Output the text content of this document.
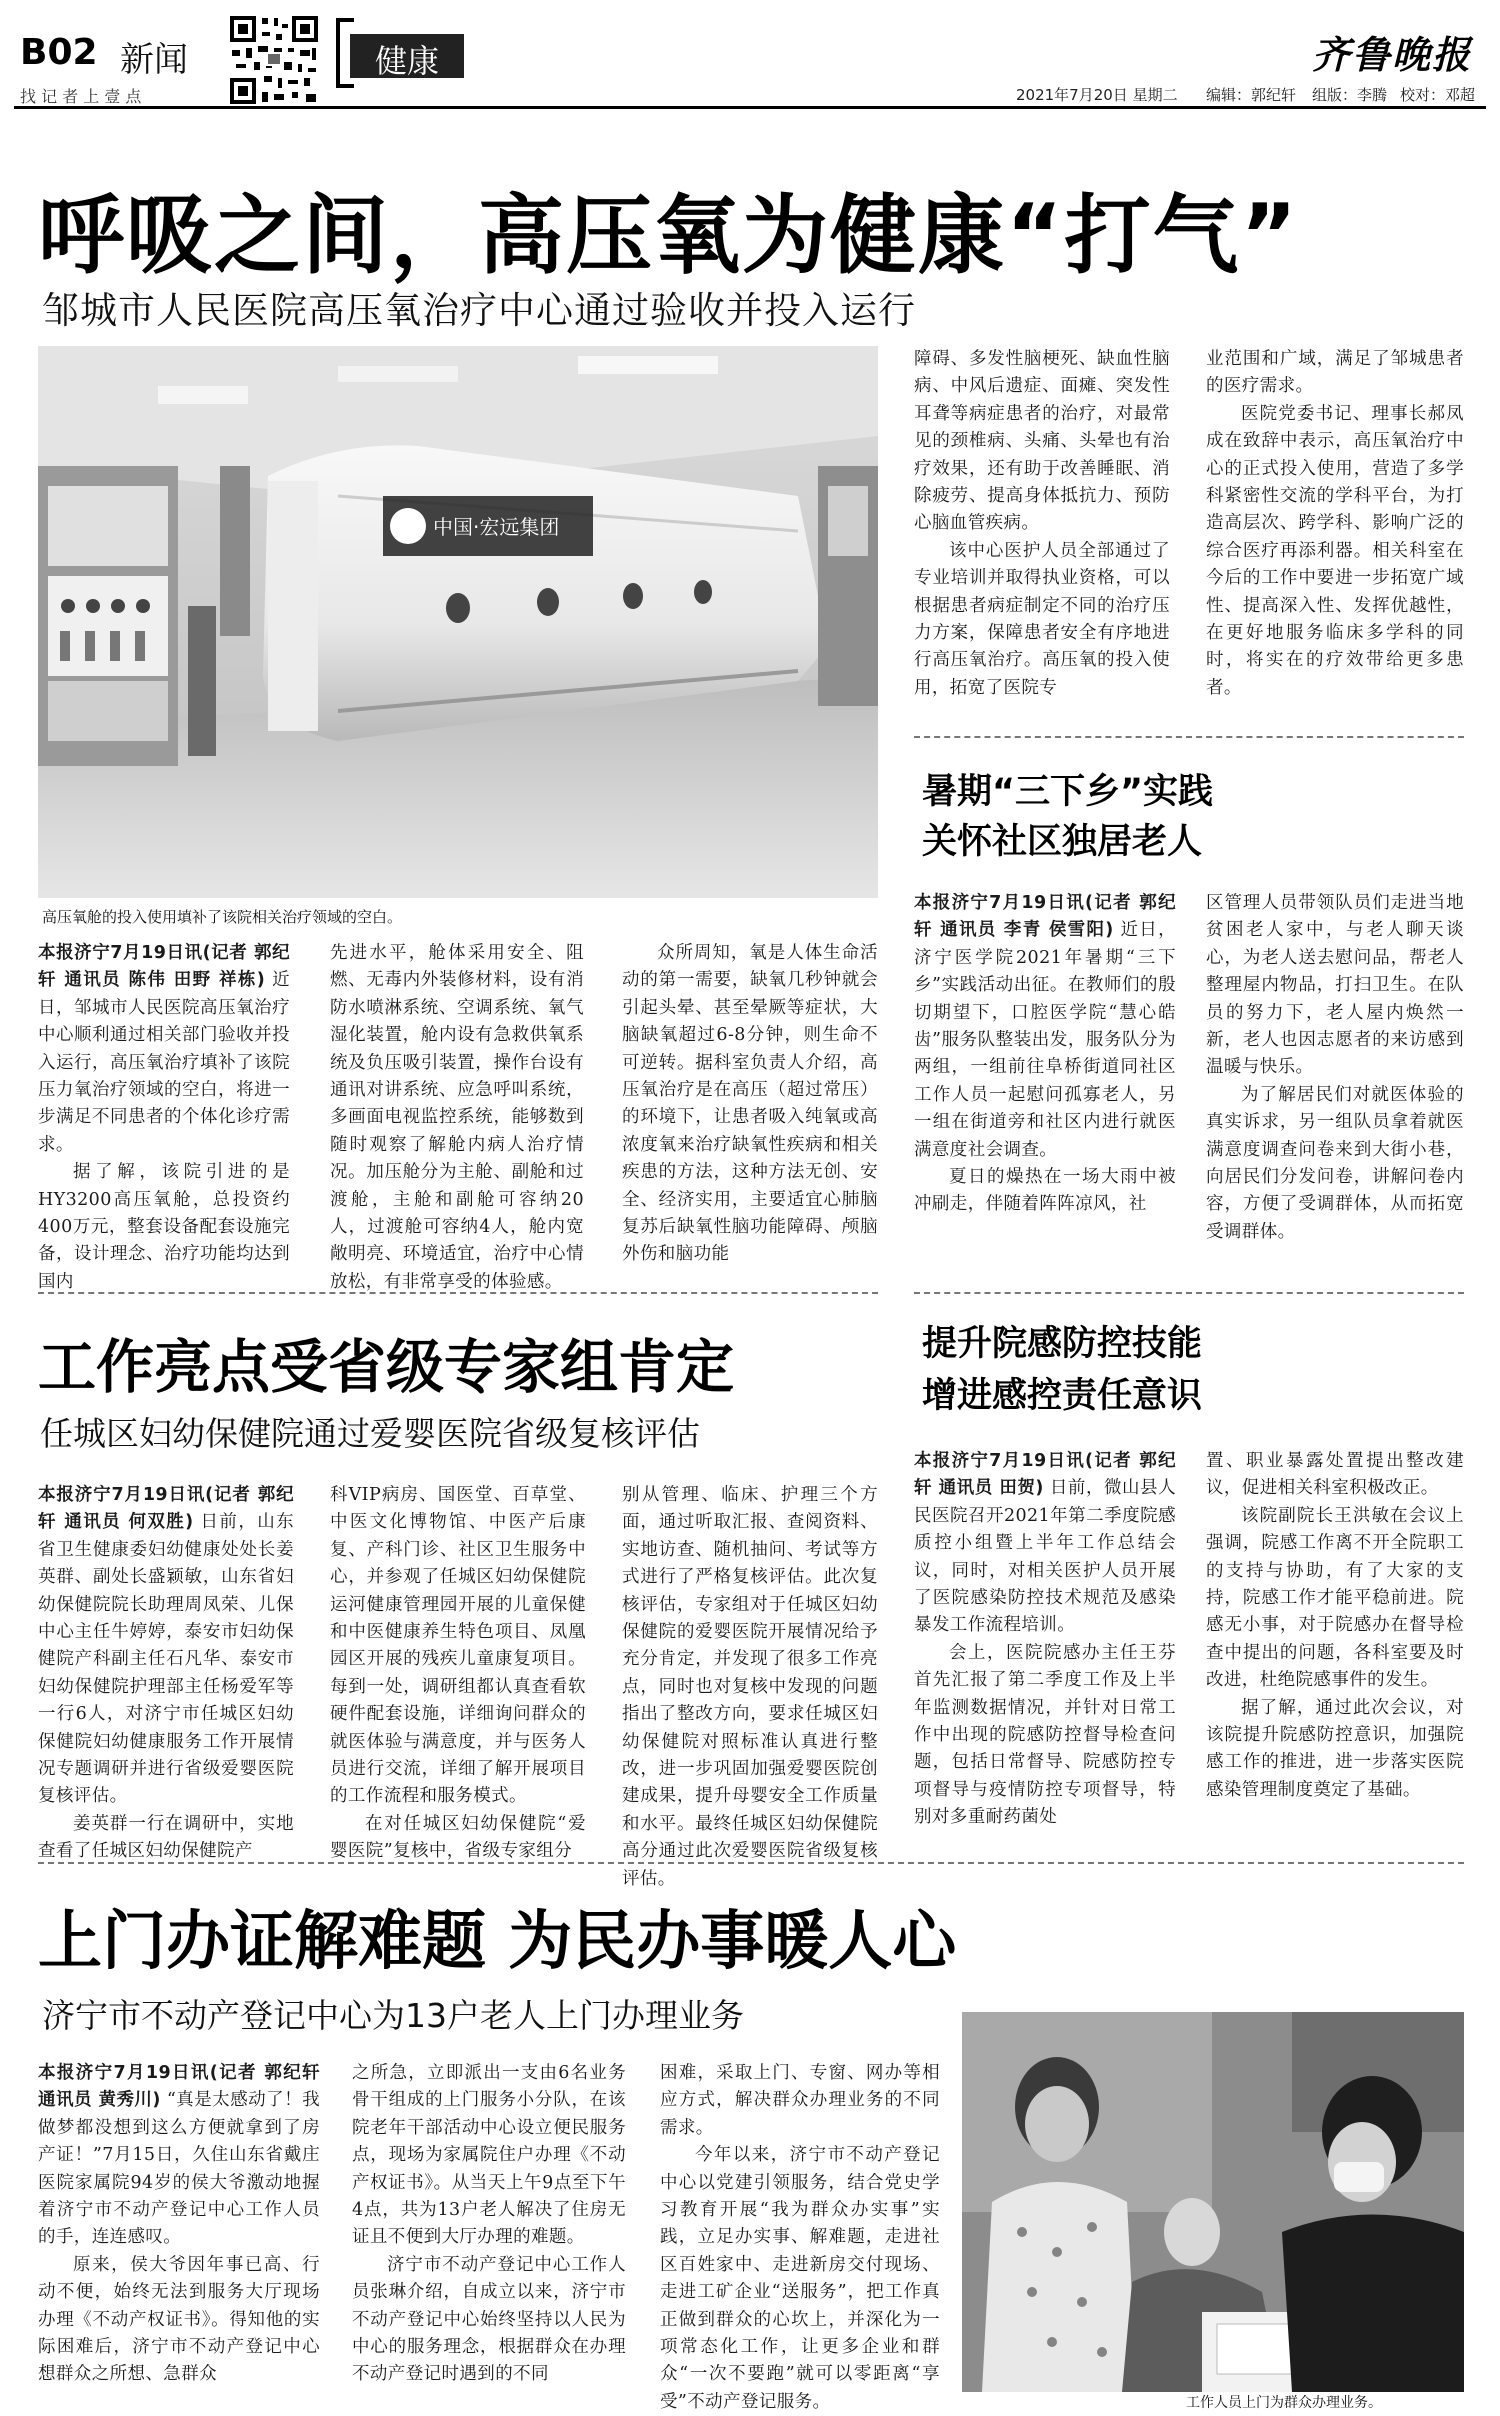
B02 新闻
找 记 者 上 壹 点
健康	齐鲁晚报
2021年7月20日 星期二 编辑：郭纪轩 组版：李腾 校对：邓超
呼吸之间，高压氧为健康“打气”
邹城市人民医院高压氧治疗中心通过验收并投入运行
中国·宏远集团
高压氧舱的投入使用填补了该院相关治疗领域的空白。

本报济宁7月19日讯(记者 郭纪轩 通讯员 陈伟 田野 祥栋) 近日，邹城市人民医院高压氧治疗中心顺利通过相关部门验收并投入运行，高压氧治疗填补了该院压力氧治疗领域的空白，将进一步满足不同患者的个体化诊疗需求。

据了解，该院引进的是HY3200高压氧舱，总投资约400万元，整套设备配套设施完备，设计理念、治疗功能均达到国内

先进水平，舱体采用安全、阻燃、无毒内外装修材料，设有消防水喷淋系统、空调系统、氧气湿化装置，舱内设有急救供氧系统及负压吸引装置，操作台设有通讯对讲系统、应急呼叫系统，多画面电视监控系统，能够数到随时观察了解舱内病人治疗情况。加压舱分为主舱、副舱和过渡舱，主舱和副舱可容纳20人，过渡舱可容纳4人，舱内宽敞明亮、环境适宜，治疗中心情放松，有非常享受的体验感。

众所周知，氧是人体生命活动的第一需要，缺氧几秒钟就会引起头晕、甚至晕厥等症状，大脑缺氧超过6-8分钟，则生命不可逆转。据科室负责人介绍，高压氧治疗是在高压（超过常压）的环境下，让患者吸入纯氧或高浓度氧来治疗缺氧性疾病和相关疾患的方法，这种方法无创、安全、经济实用，主要适宜心肺脑复苏后缺氧性脑功能障碍、颅脑外伤和脑功能

障碍、多发性脑梗死、缺血性脑病、中风后遗症、面瘫、突发性耳聋等病症患者的治疗，对最常见的颈椎病、头痛、头晕也有治疗效果，还有助于改善睡眠、消除疲劳、提高身体抵抗力、预防心脑血管疾病。

该中心医护人员全部通过了专业培训并取得执业资格，可以根据患者病症制定不同的治疗压力方案，保障患者安全有序地进行高压氧治疗。高压氧的投入使用，拓宽了医院专

业范围和广域，满足了邹城患者的医疗需求。

医院党委书记、理事长郝凤成在致辞中表示，高压氧治疗中心的正式投入使用，营造了多学科紧密性交流的学科平台，为打造高层次、跨学科、影响广泛的综合医疗再添利器。相关科室在今后的工作中要进一步拓宽广域性、提高深入性、发挥优越性，在更好地服务临床多学科的同时，将实在的疗效带给更多患者。

暑期“三下乡”实践
关怀社区独居老人

本报济宁7月19日讯(记者 郭纪轩 通讯员 李青 侯雪阳) 近日，济宁医学院2021年暑期“三下乡”实践活动出征。在教师们的殷切期望下，口腔医学院“慧心皓齿”服务队整装出发，服务队分为两组，一组前往阜桥街道同社区工作人员一起慰问孤寡老人，另一组在街道旁和社区内进行就医满意度社会调查。

夏日的燥热在一场大雨中被冲刷走，伴随着阵阵凉风，社

区管理人员带领队员们走进当地贫困老人家中，与老人聊天谈心，为老人送去慰问品，帮老人整理屋内物品，打扫卫生。在队员的努力下，老人屋内焕然一新，老人也因志愿者的来访感到温暖与快乐。

为了解居民们对就医体验的真实诉求，另一组队员拿着就医满意度调查问卷来到大街小巷，向居民们分发问卷，讲解问卷内容，方便了受调群体，从而拓宽受调群体。

工作亮点受省级专家组肯定
任城区妇幼保健院通过爱婴医院省级复核评估

本报济宁7月19日讯(记者 郭纪轩 通讯员 何双胜) 日前，山东省卫生健康委妇幼健康处处长姜英群、副处长盛颖敏，山东省妇幼保健院院长助理周凤荣、儿保中心主任牛婷婷，泰安市妇幼保健院产科副主任石凡华、泰安市妇幼保健院护理部主任杨爱军等一行6人，对济宁市任城区妇幼保健院妇幼健康服务工作开展情况专题调研并进行省级爱婴医院复核评估。

姜英群一行在调研中，实地查看了任城区妇幼保健院产

科VIP病房、国医堂、百草堂、中医文化博物馆、中医产后康复、产科门诊、社区卫生服务中心，并参观了任城区妇幼保健院运河健康管理园开展的儿童保健和中医健康养生特色项目、凤凰园区开展的残疾儿童康复项目。每到一处，调研组都认真查看软硬件配套设施，详细询问群众的就医体验与满意度，并与医务人员进行交流，详细了解开展项目的工作流程和服务模式。

在对任城区妇幼保健院“爱婴医院”复核中，省级专家组分

别从管理、临床、护理三个方面，通过听取汇报、查阅资料、实地访查、随机抽问、考试等方式进行了严格复核评估。此次复核评估，专家组对于任城区妇幼保健院的爱婴医院开展情况给予充分肯定，并发现了很多工作亮点，同时也对复核中发现的问题指出了整改方向，要求任城区妇幼保健院对照标准认真进行整改，进一步巩固加强爱婴医院创建成果，提升母婴安全工作质量和水平。最终任城区妇幼保健院高分通过此次爱婴医院省级复核评估。

提升院感防控技能
增进感控责任意识

本报济宁7月19日讯(记者 郭纪轩 通讯员 田贺) 日前，微山县人民医院召开2021年第二季度院感质控小组暨上半年工作总结会议，同时，对相关医护人员开展了医院感染防控技术规范及感染暴发工作流程培训。

会上，医院院感办主任王芬首先汇报了第二季度工作及上半年监测数据情况，并针对日常工作中出现的院感防控督导检查问题，包括日常督导、院感防控专项督导与疫情防控专项督导，特别对多重耐药菌处

置、职业暴露处置提出整改建议，促进相关科室积极改正。

该院副院长王洪敏在会议上强调，院感工作离不开全院职工的支持与协助，有了大家的支持，院感工作才能平稳前进。院感无小事，对于院感办在督导检查中提出的问题，各科室要及时改进，杜绝院感事件的发生。

据了解，通过此次会议，对该院提升院感防控意识，加强院感工作的推进，进一步落实医院感染管理制度奠定了基础。

上门办证解难题 为民办事暖人心
济宁市不动产登记中心为13户老人上门办理业务

本报济宁7月19日讯(记者 郭纪轩 通讯员 黄秀川) “真是太感动了！我做梦都没想到这么方便就拿到了房产证！”7月15日，久住山东省戴庄医院家属院94岁的侯大爷激动地握着济宁市不动产登记中心工作人员的手，连连感叹。

原来，侯大爷因年事已高、行动不便，始终无法到服务大厅现场办理《不动产权证书》。得知他的实际困难后，济宁市不动产登记中心想群众之所想、急群众

之所急，立即派出一支由6名业务骨干组成的上门服务小分队，在该院老年干部活动中心设立便民服务点，现场为家属院住户办理《不动产权证书》。从当天上午9点至下午4点，共为13户老人解决了住房无证且不便到大厅办理的难题。

济宁市不动产登记中心工作人员张琳介绍，自成立以来，济宁市不动产登记中心始终坚持以人民为中心的服务理念，根据群众在办理不动产登记时遇到的不同

困难，采取上门、专窗、网办等相应方式，解决群众办理业务的不同需求。

今年以来，济宁市不动产登记中心以党建引领服务，结合党史学习教育开展“我为群众办实事”实践，立足办实事、解难题，走进社区百姓家中、走进新房交付现场、走进工矿企业“送服务”，把工作真正做到群众的心坎上，并深化为一项常态化工作，让更多企业和群众“一次不要跑”就可以零距离“享受”不动产登记服务。	工作人员上门为群众办理业务。
